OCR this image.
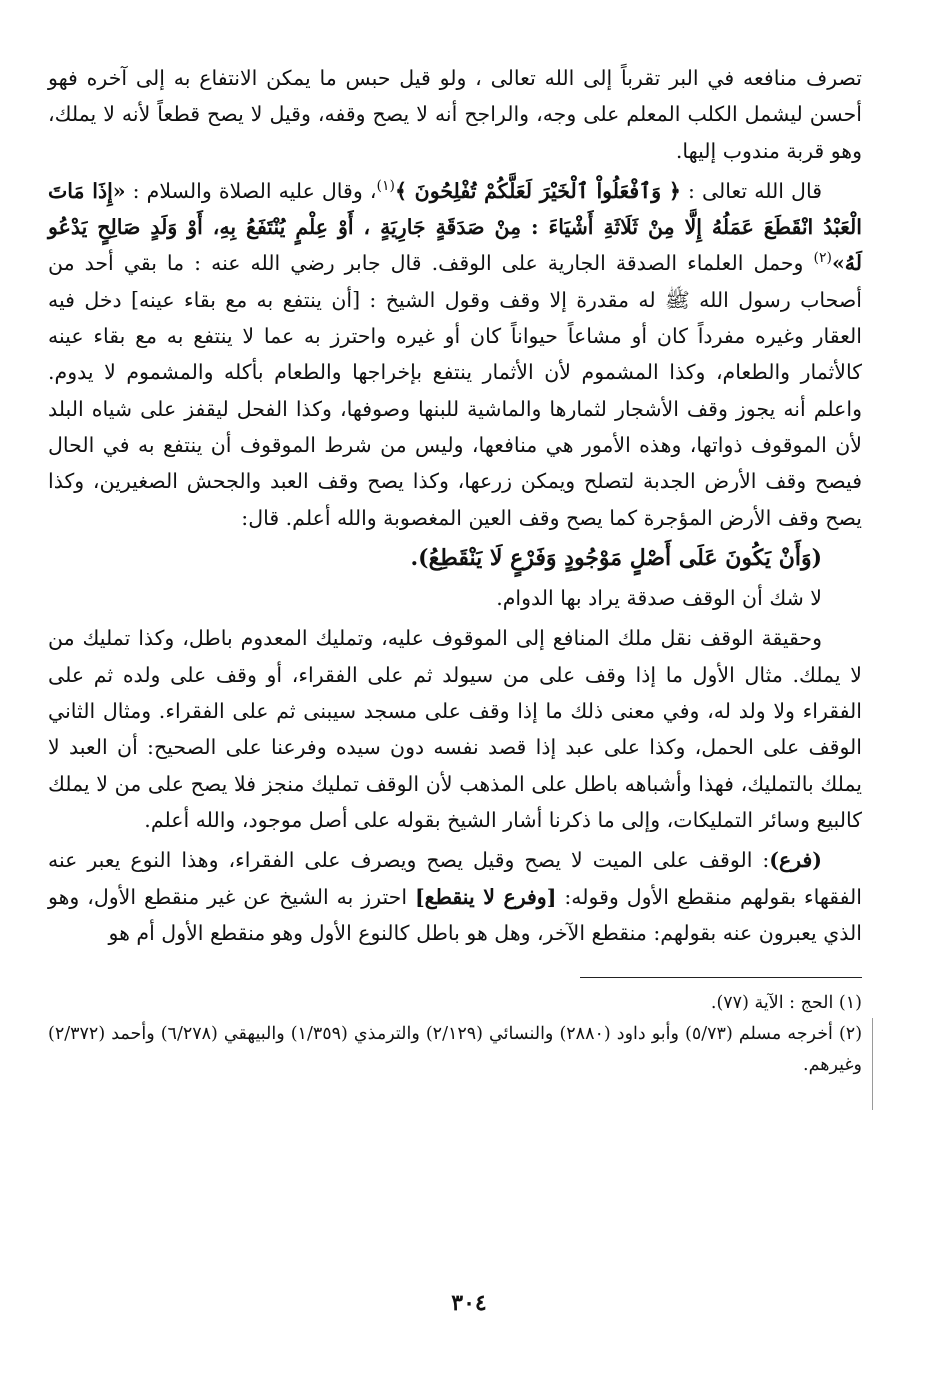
تصرف منافعه في البر تقرباً إلى الله تعالى ، ولو قيل حبس ما يمكن الانتفاع به إلى آخره فهو أحسن ليشمل الكلب المعلم على وجه، والراجح أنه لا يصح وقفه، وقيل لا يصح قطعاً لأنه لا يملك، وهو قربة مندوب إليها.

قال الله تعالى : ﴿ وَٱفْعَلُواْ ٱلْخَيْرَ لَعَلَّكُمْ تُفْلِحُونَ ﴾$^{(١)}$، وقال عليه الصلاة والسلام : «إِذَا مَاتَ الْعَبْدُ انْقَطَعَ عَمَلُهُ إِلَّا مِنْ ثَلَاثَةِ أَشْيَاءَ : مِنْ صَدَقَةٍ جَارِيَةٍ ، أَوْ عِلْمٍ يُنْتَفَعُ بِهِ، أَوْ وَلَدٍ صَالِحٍ يَدْعُو لَهُ»$^{(٢)}$ وحمل العلماء الصدقة الجارية على الوقف. قال جابر رضي الله عنه : ما بقي أحد من أصحاب رسول الله ﷺ له مقدرة إلا وقف وقول الشيخ : [أن ينتفع به مع بقاء عينه] دخل فيه العقار وغيره مفرداً كان أو مشاعاً حيواناً كان أو غيره واحترز به عما لا ينتفع به مع بقاء عينه كالأثمار والطعام، وكذا المشموم لأن الأثمار ينتفع بإخراجها والطعام بأكله والمشموم لا يدوم. واعلم أنه يجوز وقف الأشجار لثمارها والماشية للبنها وصوفها، وكذا الفحل ليقفز على شياه البلد لأن الموقوف ذواتها، وهذه الأمور هي منافعها، وليس من شرط الموقوف أن ينتفع به في الحال فيصح وقف الأرض الجدبة لتصلح ويمكن زرعها، وكذا يصح وقف العبد والجحش الصغيرين، وكذا يصح وقف الأرض المؤجرة كما يصح وقف العين المغصوبة والله أعلم. قال:

(وَأَنْ يَكُونَ عَلَى أَصْلٍ مَوْجُودٍ وَفَرْعٍ لَا يَنْقَطِعُ).

لا شك أن الوقف صدقة يراد بها الدوام.

وحقيقة الوقف نقل ملك المنافع إلى الموقوف عليه، وتمليك المعدوم باطل، وكذا تمليك من لا يملك. مثال الأول ما إذا وقف على من سيولد ثم على الفقراء، أو وقف على ولده ثم على الفقراء ولا ولد له، وفي معنى ذلك ما إذا وقف على مسجد سيبنى ثم على الفقراء. ومثال الثاني الوقف على الحمل، وكذا على عبد إذا قصد نفسه دون سيده وفرعنا على الصحيح: أن العبد لا يملك بالتمليك، فهذا وأشباهه باطل على المذهب لأن الوقف تمليك منجز فلا يصح على من لا يملك كالبيع وسائر التمليكات، وإلى ما ذكرنا أشار الشيخ بقوله على أصل موجود، والله أعلم.

(فرع): الوقف على الميت لا يصح وقيل يصح ويصرف على الفقراء، وهذا النوع يعبر عنه الفقهاء بقولهم منقطع الأول وقوله: [وفرع لا ينقطع] احترز به الشيخ عن غير منقطع الأول، وهو الذي يعبرون عنه بقولهم: منقطع الآخر، وهل هو باطل كالنوع الأول وهو منقطع الأول أم هو

(١) الحج : الآية (٧٧).
(٢) أخرجه مسلم (٥/٧٣) وأبو داود (٢٨٨٠) والنسائي (٢/١٢٩) والترمذي (١/٣٥٩) والبيهقي (٦/٢٧٨) وأحمد (٢/٣٧٢) وغيرهم.
٣٠٤
